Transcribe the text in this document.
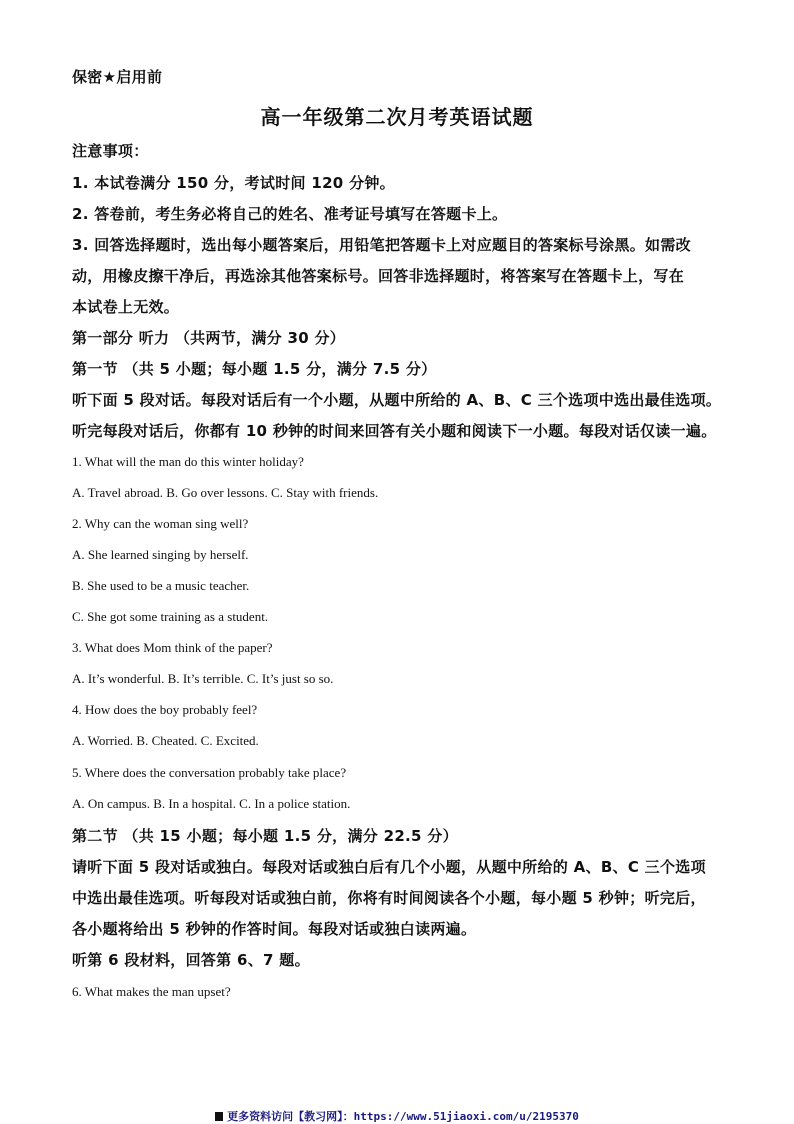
保密★启用前
高一年级第二次月考英语试题
注意事项：
1. 本试卷满分 150 分，考试时间 120 分钟。
2. 答卷前，考生务必将自己的姓名、准考证号填写在答题卡上。
3. 回答选择题时，选出每小题答案后，用铅笔把答题卡上对应题目的答案标号涂黑。如需改
动，用橡皮擦干净后，再选涂其他答案标号。回答非选择题时，将答案写在答题卡上，写在
本试卷上无效。
第一部分 听力 （共两节，满分 30 分）
第一节 （共 5 小题；每小题 1.5 分，满分 7.5 分）
听下面 5 段对话。每段对话后有一个小题，从题中所给的 A、B、C 三个选项中选出最佳选项。
听完每段对话后，你都有 10 秒钟的时间来回答有关小题和阅读下一小题。每段对话仅读一遍。
1. What will the man do this winter holiday?
A. Travel abroad. B. Go over lessons. C. Stay with friends.
2. Why can the woman sing well?
A. She learned singing by herself.
B. She used to be a music teacher.
C. She got some training as a student.
3. What does Mom think of the paper?
A. It’s wonderful. B. It’s terrible. C. It’s just so so.
4. How does the boy probably feel?
A. Worried. B. Cheated. C. Excited.
5. Where does the conversation probably take place?
A. On campus. B. In a hospital. C. In a police station.
第二节 （共 15 小题；每小题 1.5 分，满分 22.5 分）
请听下面 5 段对话或独白。每段对话或独白后有几个小题，从题中所给的 A、B、C 三个选项
中选出最佳选项。听每段对话或独白前，你将有时间阅读各个小题，每小题 5 秒钟；听完后，
各小题将给出 5 秒钟的作答时间。每段对话或独白读两遍。
听第 6 段材料，回答第 6、7 题。
6. What makes the man upset?
更多资料访问【教习网】：https://www.51jiaoxi.com/u/2195370
